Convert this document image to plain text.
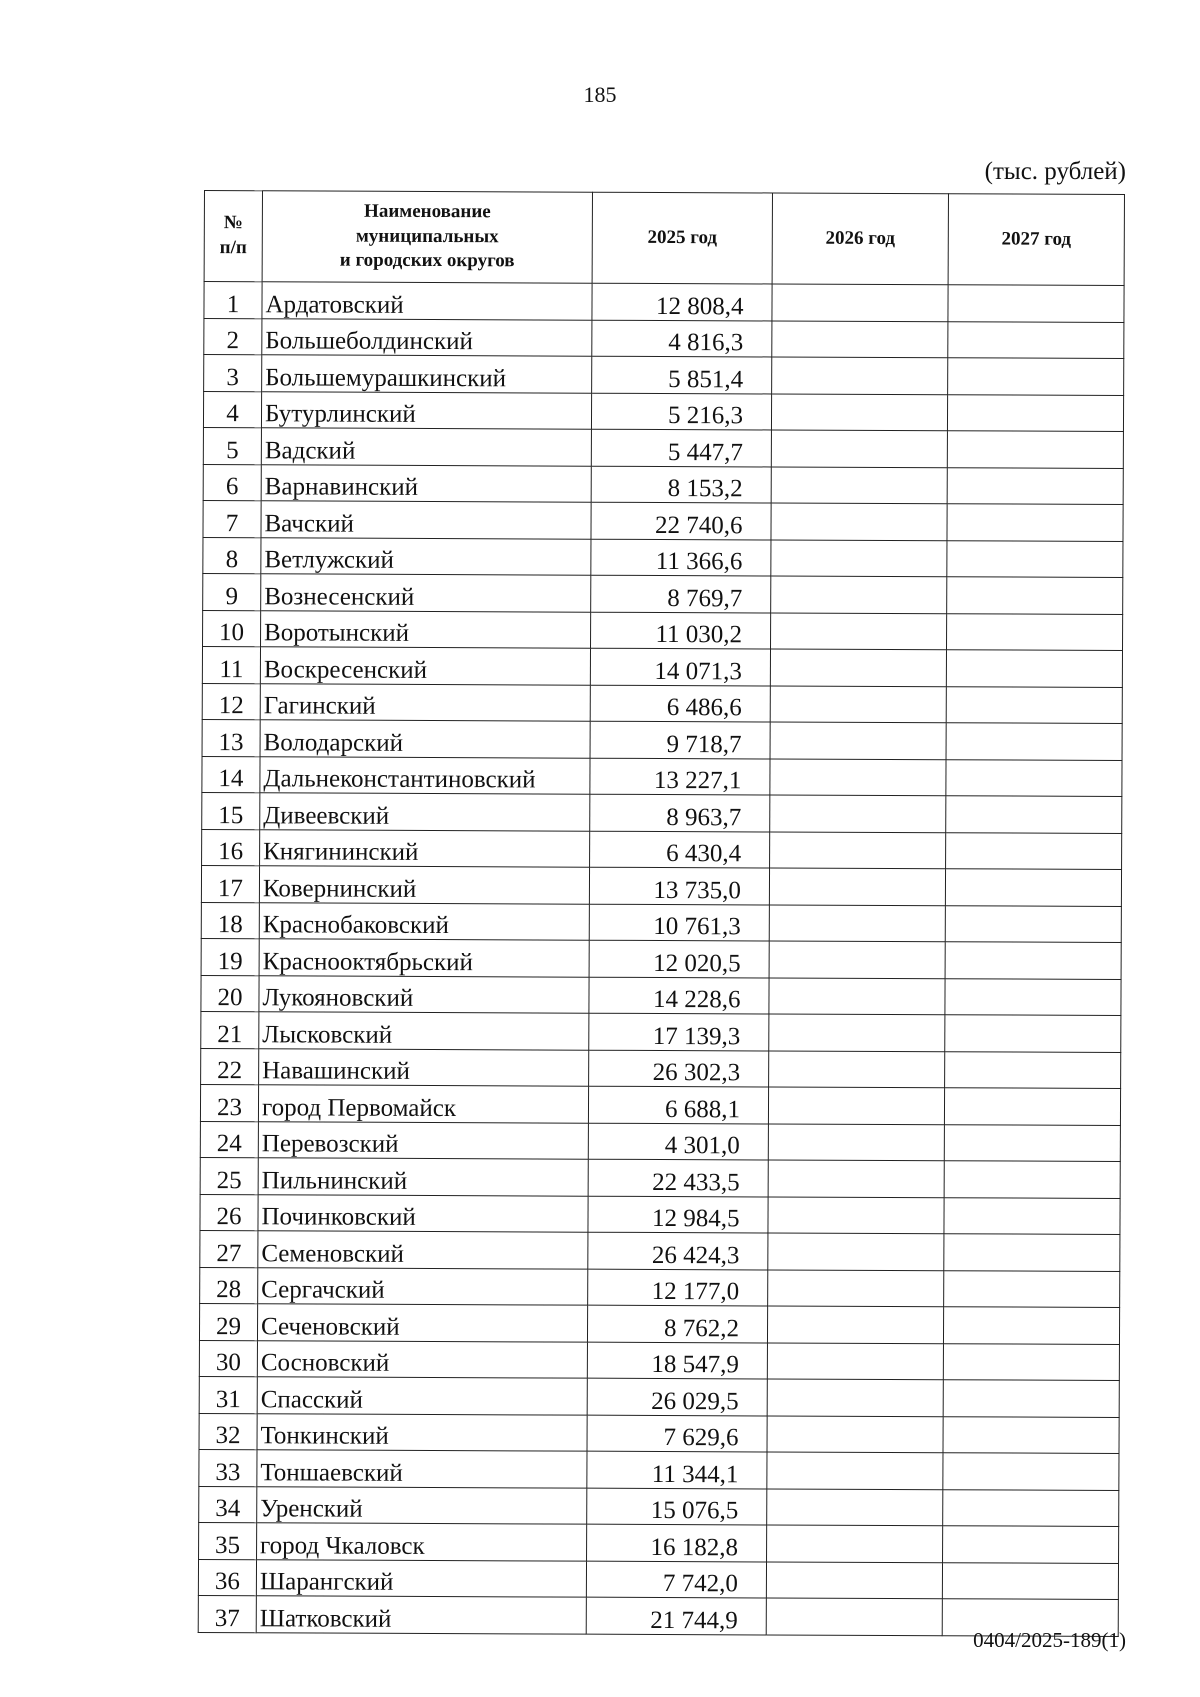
185
(тыс. рублей)
№
п/п	Наименование
муниципальных
и городских округов	2025 год	2026 год	2027 год
1	Ардатовский	12 808,4		
2	Большеболдинский	4 816,3		
3	Большемурашкинский	5 851,4		
4	Бутурлинский	5 216,3		
5	Вадский	5 447,7		
6	Варнавинский	8 153,2		
7	Вачский	22 740,6		
8	Ветлужский	11 366,6		
9	Вознесенский	8 769,7		
10	Воротынский	11 030,2		
11	Воскресенский	14 071,3		
12	Гагинский	6 486,6		
13	Володарский	9 718,7		
14	Дальнеконстантиновский	13 227,1		
15	Дивеевский	8 963,7		
16	Княгининский	6 430,4		
17	Ковернинский	13 735,0		
18	Краснобаковский	10 761,3		
19	Краснооктябрьский	12 020,5		
20	Лукояновский	14 228,6		
21	Лысковский	17 139,3		
22	Навашинский	26 302,3		
23	город Первомайск	6 688,1		
24	Перевозский	4 301,0		
25	Пильнинский	22 433,5		
26	Починковский	12 984,5		
27	Семеновский	26 424,3		
28	Сергачский	12 177,0		
29	Сеченовский	8 762,2		
30	Сосновский	18 547,9		
31	Спасский	26 029,5		
32	Тонкинский	7 629,6		
33	Тоншаевский	11 344,1		
34	Уренский	15 076,5		
35	город Чкаловск	16 182,8		
36	Шарангский	7 742,0		
37	Шатковский	21 744,9		
0404/2025-189(1)
